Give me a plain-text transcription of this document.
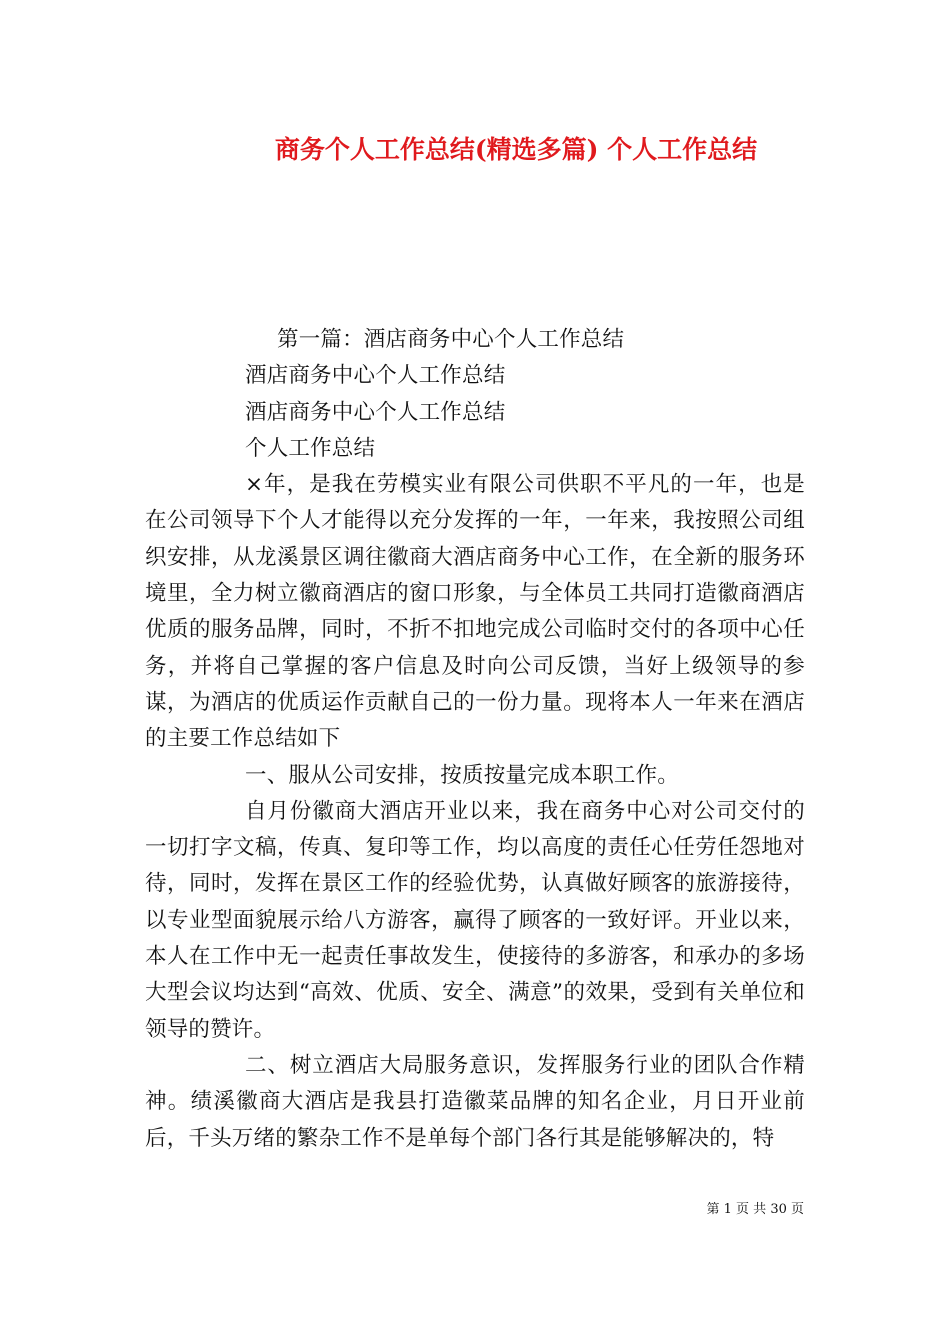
商务个人工作总结(精选多篇) 个人工作总结

第一篇：酒店商务中心个人工作总结

酒店商务中心个人工作总结

酒店商务中心个人工作总结

个人工作总结

×年，是我在劳模实业有限公司供职不平凡的一年，也是在公司领导下个人才能得以充分发挥的一年，一年来，我按照公司组织安排，从龙溪景区调往徽商大酒店商务中心工作，在全新的服务环境里，全力树立徽商酒店的窗口形象，与全体员工共同打造徽商酒店优质的服务品牌，同时，不折不扣地完成公司临时交付的各项中心任务，并将自己掌握的客户信息及时向公司反馈，当好上级领导的参谋，为酒店的优质运作贡献自己的一份力量。现将本人一年来在酒店的主要工作总结如下

一、服从公司安排，按质按量完成本职工作。

自月份徽商大酒店开业以来，我在商务中心对公司交付的一切打字文稿，传真、复印等工作，均以高度的责任心任劳任怨地对待，同时，发挥在景区工作的经验优势，认真做好顾客的旅游接待，以专业型面貌展示给八方游客，赢得了顾客的一致好评。开业以来，本人在工作中无一起责任事故发生，使接待的多游客，和承办的多场大型会议均达到“高效、优质、安全、满意”的效果，受到有关单位和领导的赞许。

二、树立酒店大局服务意识，发挥服务行业的团队合作精神。绩溪徽商大酒店是我县打造徽菜品牌的知名企业，月日开业前后，千头万绪的繁杂工作不是单每个部门各行其是能够解决的，特

第 1 页 共 30 页
